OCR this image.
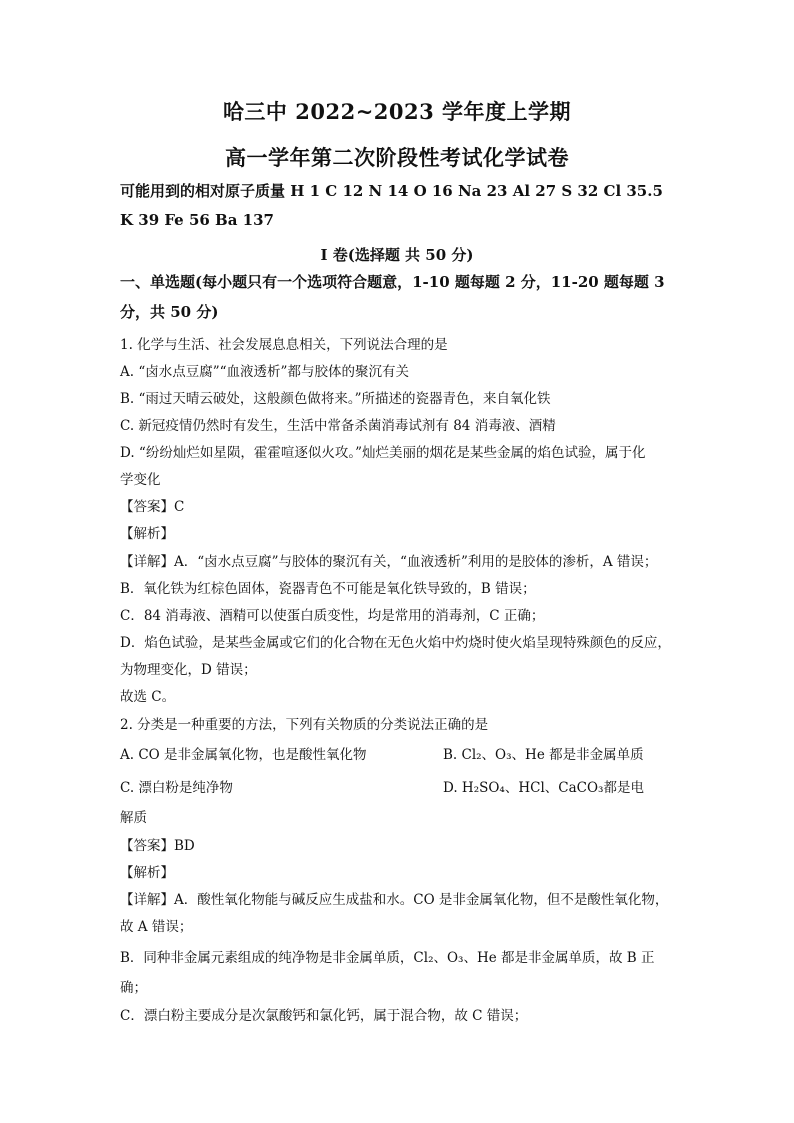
哈三中 2022~2023 学年度上学期
高一学年第二次阶段性考试化学试卷
可能用到的相对原子质量 H 1 C 12 N 14 O 16 Na 23 Al 27 S 32 Cl 35.5
K 39 Fe 56 Ba 137
I 卷(选择题 共 50 分)
一、单选题(每小题只有一个选项符合题意，1-10 题每题 2 分，11-20 题每题 3
分，共 50 分)
1. 化学与生活、社会发展息息相关，下列说法合理的是
A. “卤水点豆腐”“血液透析”都与胶体的聚沉有关
B. “雨过天晴云破处，这般颜色做将来。”所描述的瓷器青色，来自氧化铁
C. 新冠疫情仍然时有发生，生活中常备杀菌消毒试剂有 84 消毒液、酒精
D. “纷纷灿烂如星陨，霍霍喧逐似火攻。”灿烂美丽的烟花是某些金属的焰色试验，属于化
学变化
【答案】C
【解析】
【详解】A．“卤水点豆腐”与胶体的聚沉有关，“血液透析”利用的是胶体的渗析，A 错误；
B．氧化铁为红棕色固体，瓷器青色不可能是氧化铁导致的，B 错误；
C．84 消毒液、酒精可以使蛋白质变性，均是常用的消毒剂，C 正确；
D．焰色试验，是某些金属或它们的化合物在无色火焰中灼烧时使火焰呈现特殊颜色的反应，
为物理变化，D 错误；
故选 C。
2. 分类是一种重要的方法，下列有关物质的分类说法正确的是
A. CO 是非金属氧化物，也是酸性氧化物	B. Cl₂、O₃、He 都是非金属单质
C. 漂白粉是纯净物	D. H₂SO₄、HCl、CaCO₃都是电
解质
【答案】BD
【解析】
【详解】A．酸性氧化物能与碱反应生成盐和水。CO 是非金属氧化物，但不是酸性氧化物，
故 A 错误；
B．同种非金属元素组成的纯净物是非金属单质，Cl₂、O₃、He 都是非金属单质，故 B 正
确；
C．漂白粉主要成分是次氯酸钙和氯化钙，属于混合物，故 C 错误；
